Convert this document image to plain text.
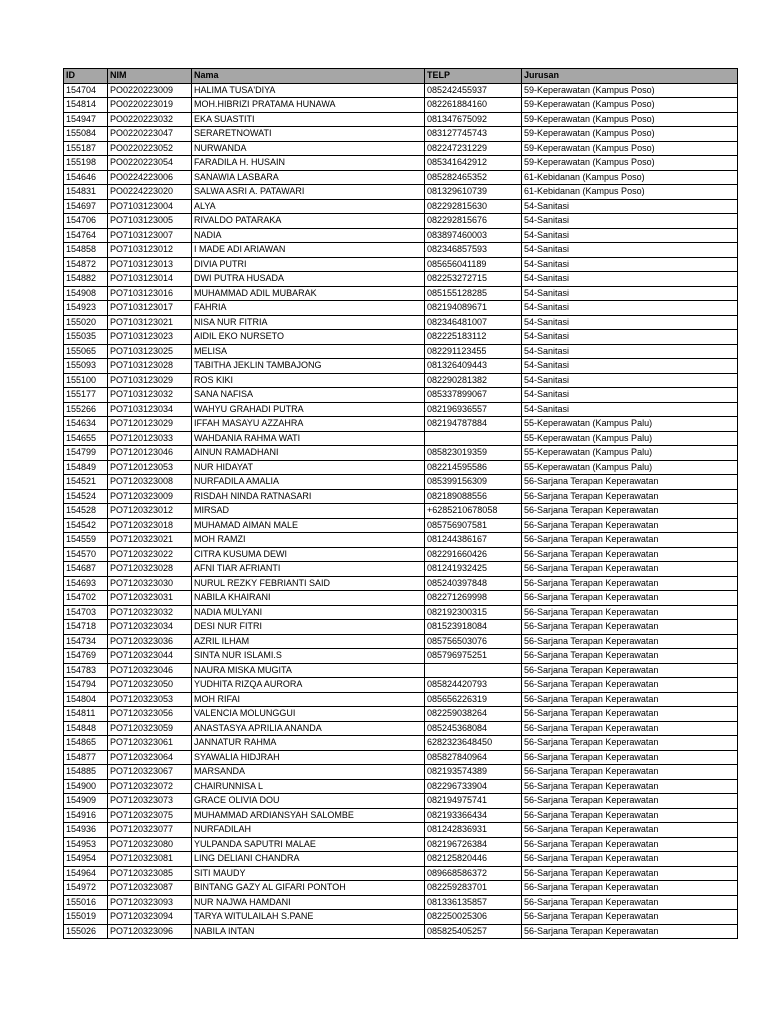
ID	NIM	Nama	TELP	Jurusan
154704	PO0220223009	HALIMA TUSA'DIYA	085242455937	59-Keperawatan (Kampus Poso)
154814	PO0220223019	MOH.HIBRIZI PRATAMA HUNAWA	082261884160	59-Keperawatan (Kampus Poso)
154947	PO0220223032	EKA SUASTITI	081347675092	59-Keperawatan (Kampus Poso)
155084	PO0220223047	SERARETNOWATI	083127745743	59-Keperawatan (Kampus Poso)
155187	PO0220223052	NURWANDA	082247231229	59-Keperawatan (Kampus Poso)
155198	PO0220223054	FARADILA H. HUSAIN	085341642912	59-Keperawatan (Kampus Poso)
154646	PO0224223006	SANAWIA LASBARA	085282465352	61-Kebidanan (Kampus Poso)
154831	PO0224223020	SALWA ASRI A. PATAWARI	081329610739	61-Kebidanan (Kampus Poso)
154697	PO7103123004	ALYA	082292815630	54-Sanitasi
154706	PO7103123005	RIVALDO PATARAKA	082292815676	54-Sanitasi
154764	PO7103123007	NADIA	083897460003	54-Sanitasi
154858	PO7103123012	I MADE ADI ARIAWAN	082346857593	54-Sanitasi
154872	PO7103123013	DIVIA PUTRI	085656041189	54-Sanitasi
154882	PO7103123014	DWI PUTRA HUSADA	082253272715	54-Sanitasi
154908	PO7103123016	MUHAMMAD ADIL MUBARAK	085155128285	54-Sanitasi
154923	PO7103123017	FAHRIA	082194089671	54-Sanitasi
155020	PO7103123021	NISA NUR FITRIA	082346481007	54-Sanitasi
155035	PO7103123023	AIDIL EKO NURSETO	082225183112	54-Sanitasi
155065	PO7103123025	MELISA	082291123455	54-Sanitasi
155093	PO7103123028	TABITHA JEKLIN TAMBAJONG	081326409443	54-Sanitasi
155100	PO7103123029	ROS KIKI	082290281382	54-Sanitasi
155177	PO7103123032	SANA NAFISA	085337899067	54-Sanitasi
155266	PO7103123034	WAHYU GRAHADI PUTRA	082196936557	54-Sanitasi
154634	PO7120123029	IFFAH MASAYU AZZAHRA	082194787884	55-Keperawatan (Kampus Palu)
154655	PO7120123033	WAHDANIA RAHMA WATI		55-Keperawatan (Kampus Palu)
154799	PO7120123046	AINUN RAMADHANI	085823019359	55-Keperawatan (Kampus Palu)
154849	PO7120123053	NUR HIDAYAT	082214595586	55-Keperawatan (Kampus Palu)
154521	PO7120323008	NURFADILA AMALIA	085399156309	56-Sarjana Terapan Keperawatan
154524	PO7120323009	RISDAH NINDA RATNASARI	082189088556	56-Sarjana Terapan Keperawatan
154528	PO7120323012	MIRSAD	+6285210678058	56-Sarjana Terapan Keperawatan
154542	PO7120323018	MUHAMAD AIMAN MALE	085756907581	56-Sarjana Terapan Keperawatan
154559	PO7120323021	MOH RAMZI	081244386167	56-Sarjana Terapan Keperawatan
154570	PO7120323022	CITRA KUSUMA DEWI	082291660426	56-Sarjana Terapan Keperawatan
154687	PO7120323028	AFNI TIAR AFRIANTI	081241932425	56-Sarjana Terapan Keperawatan
154693	PO7120323030	NURUL REZKY FEBRIANTI SAID	085240397848	56-Sarjana Terapan Keperawatan
154702	PO7120323031	NABILA KHAIRANI	082271269998	56-Sarjana Terapan Keperawatan
154703	PO7120323032	NADIA MULYANI	082192300315	56-Sarjana Terapan Keperawatan
154718	PO7120323034	DESI NUR FITRI	081523918084	56-Sarjana Terapan Keperawatan
154734	PO7120323036	AZRIL ILHAM	085756503076	56-Sarjana Terapan Keperawatan
154769	PO7120323044	SINTA NUR ISLAMI.S	085796975251	56-Sarjana Terapan Keperawatan
154783	PO7120323046	NAURA MISKA MUGITA		56-Sarjana Terapan Keperawatan
154794	PO7120323050	YUDHITA RIZQA AURORA	085824420793	56-Sarjana Terapan Keperawatan
154804	PO7120323053	MOH RIFAI	085656226319	56-Sarjana Terapan Keperawatan
154811	PO7120323056	VALENCIA MOLUNGGUI	082259038264	56-Sarjana Terapan Keperawatan
154848	PO7120323059	ANASTASYA APRILIA ANANDA	085245368084	56-Sarjana Terapan Keperawatan
154865	PO7120323061	JANNATUR RAHMA	6282323648450	56-Sarjana Terapan Keperawatan
154877	PO7120323064	SYAWALIA HIDJRAH	085827840964	56-Sarjana Terapan Keperawatan
154885	PO7120323067	MARSANDA	082193574389	56-Sarjana Terapan Keperawatan
154900	PO7120323072	CHAIRUNNISA L	082296733904	56-Sarjana Terapan Keperawatan
154909	PO7120323073	GRACE OLIVIA DOU	082194975741	56-Sarjana Terapan Keperawatan
154916	PO7120323075	MUHAMMAD ARDIANSYAH SALOMBE	082193366434	56-Sarjana Terapan Keperawatan
154936	PO7120323077	NURFADILAH	081242836931	56-Sarjana Terapan Keperawatan
154953	PO7120323080	YULPANDA SAPUTRI MALAE	082196726384	56-Sarjana Terapan Keperawatan
154954	PO7120323081	LING DELIANI CHANDRA	082125820446	56-Sarjana Terapan Keperawatan
154964	PO7120323085	SITI MAUDY	089668586372	56-Sarjana Terapan Keperawatan
154972	PO7120323087	BINTANG GAZY AL GIFARI PONTOH	082259283701	56-Sarjana Terapan Keperawatan
155016	PO7120323093	NUR NAJWA HAMDANI	081336135857	56-Sarjana Terapan Keperawatan
155019	PO7120323094	TARYA WITULAILAH S.PANE	082250025306	56-Sarjana Terapan Keperawatan
155026	PO7120323096	NABILA INTAN	085825405257	56-Sarjana Terapan Keperawatan
